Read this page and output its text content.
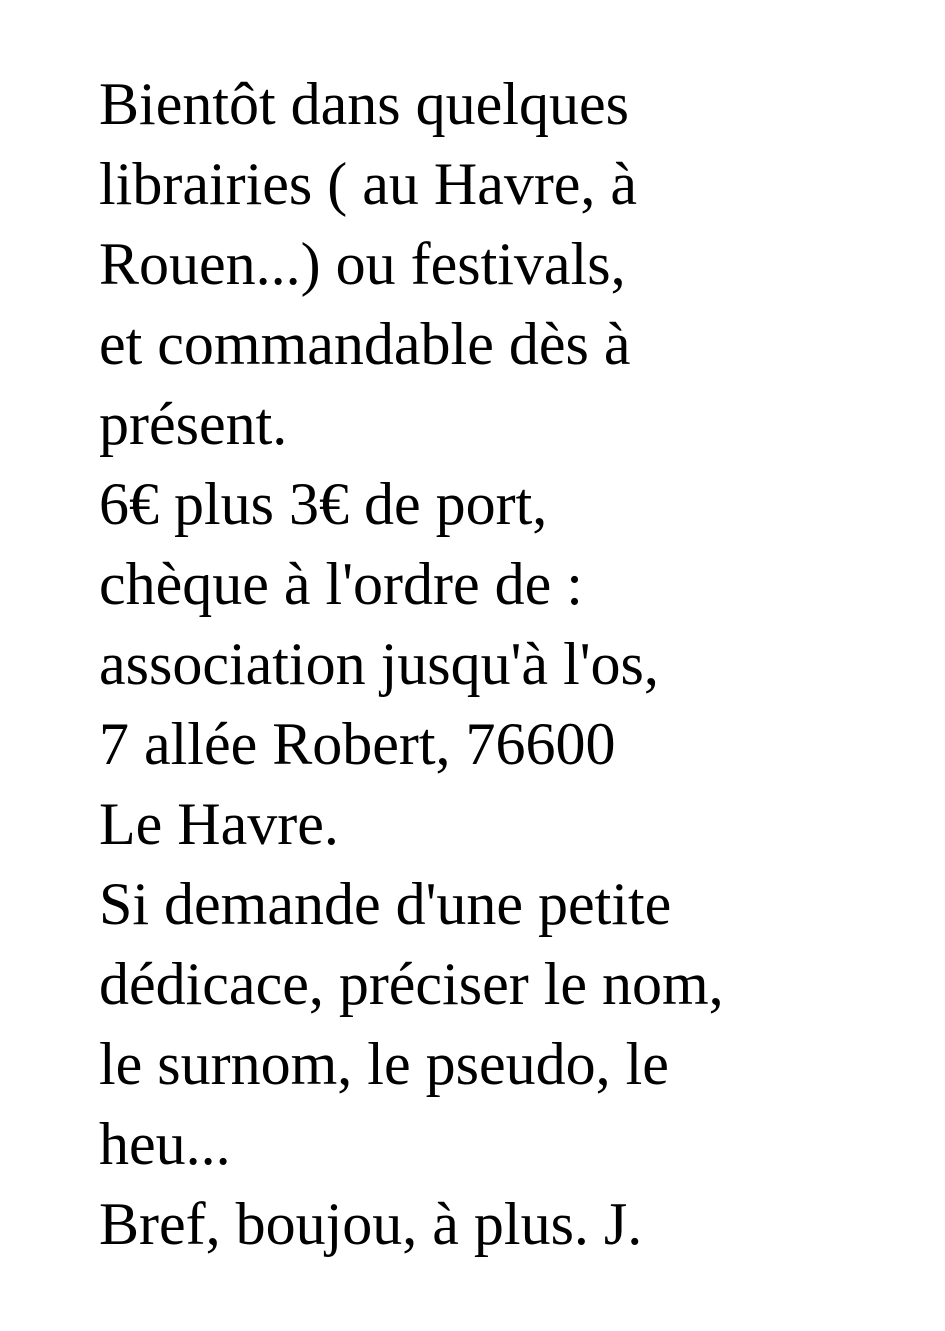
Bientôt dans quelques
librairies ( au Havre, à
Rouen...) ou festivals,
et commandable dès à
présent.
6€ plus 3€ de port,
chèque à l'ordre de :
association jusqu'à l'os,
7 allée Robert, 76600
Le Havre.
Si demande d'une petite
dédicace, préciser le nom,
le surnom, le pseudo, le
heu...
Bref, boujou, à plus. J.
